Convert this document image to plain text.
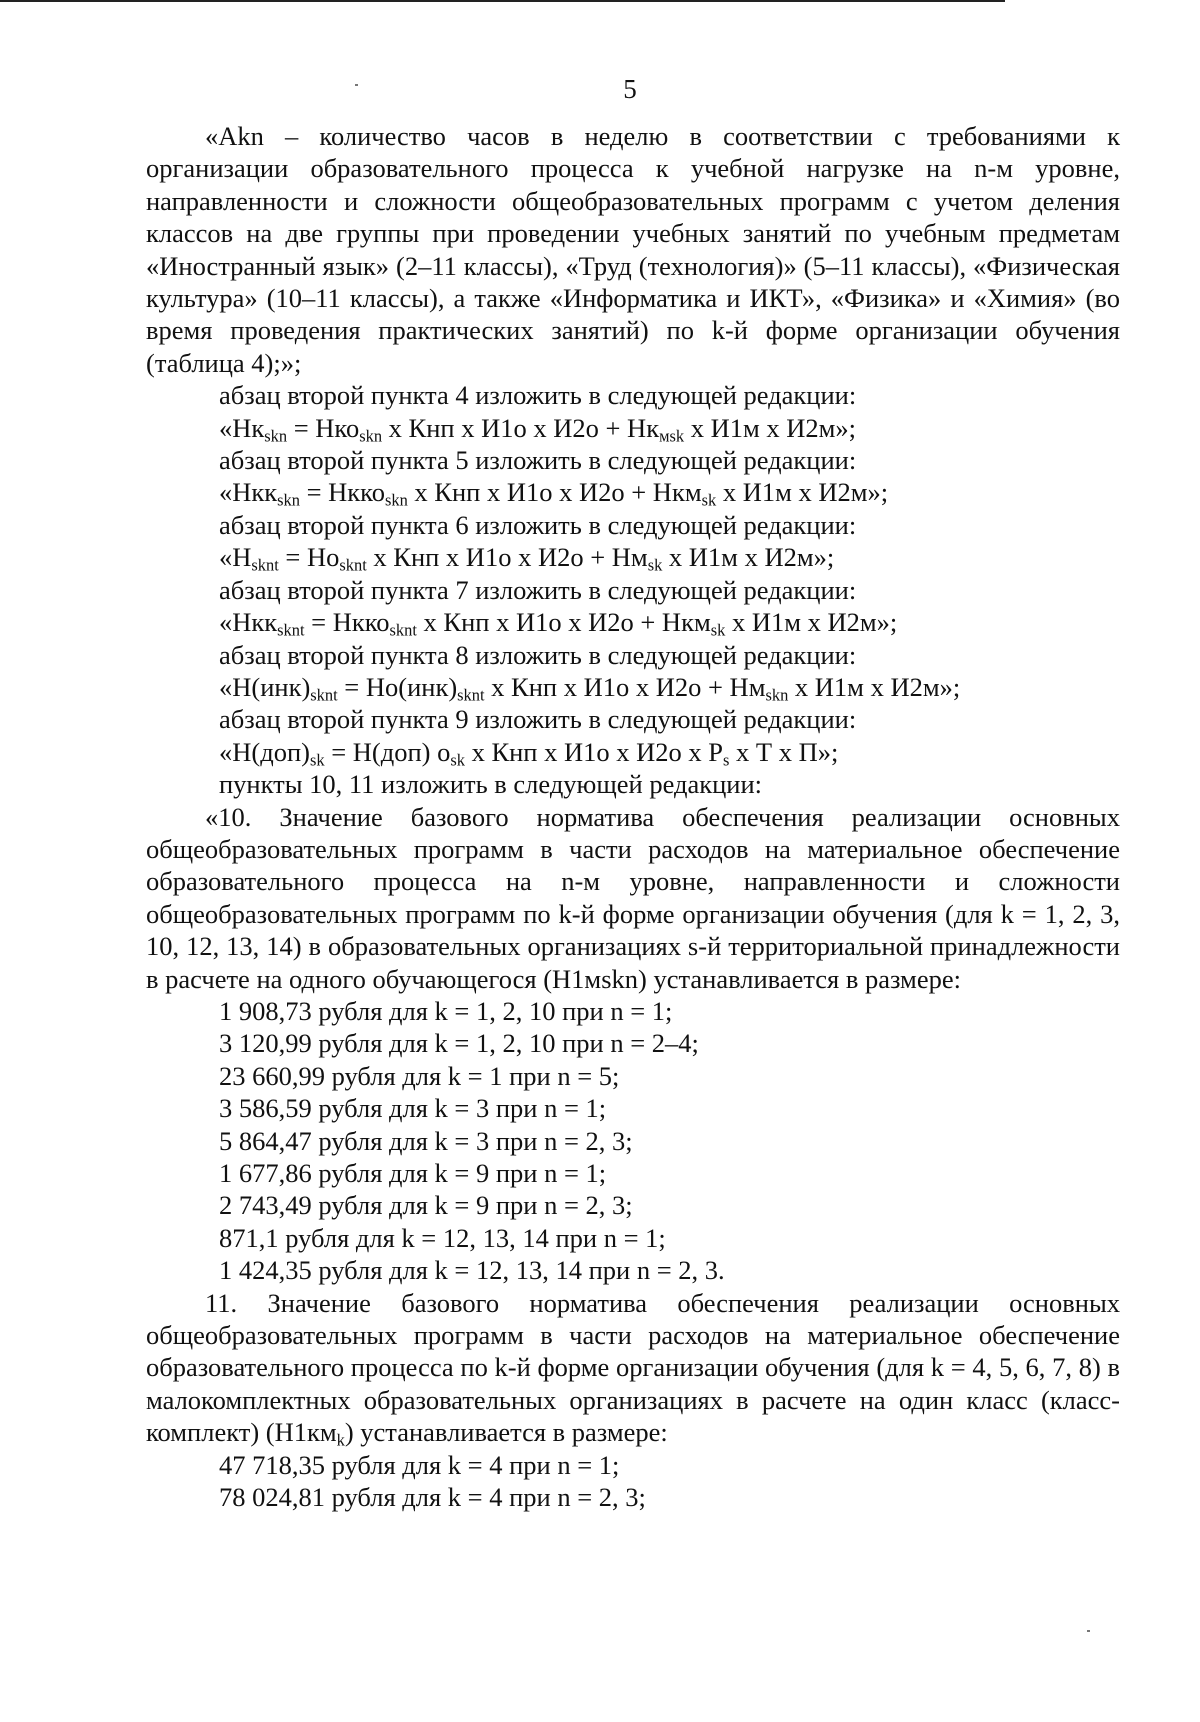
5

«Akn – количество часов в неделю в соответствии с требованиями к организации образовательного процесса к учебной нагрузке на n-м уровне, направленности и сложности общеобразовательных программ с учетом деления классов на две группы при проведении учебных занятий по учебным предметам «Иностранный язык» (2–11 классы), «Труд (технология)» (5–11 классы), «Физическая культура» (10–11 классы), а также «Информатика и ИКТ», «Физика» и «Химия» (во время проведения практических занятий) по k-й форме организации обучения (таблица 4);»;

абзац второй пункта 4 изложить в следующей редакции:

«$Нк_{skn} = Нко_{skn}$ х Кнп х И1о х $И2о + Нк_{мsk}$ х И1м х И2м»;

абзац второй пункта 5 изложить в следующей редакции:

«Нкк$_{skn}$ = Нкко$_{skn}$ х Кнп х И1о х И2о + Нкм$_{sk}$ х И1м х И2м»;

абзац второй пункта 6 изложить в следующей редакции:

«$Н_{sknt} = Но_{sknt}$ х Кнп х И1о х $И2о + Нм_{sk}$ х И1м х И2м»;

абзац второй пункта 7 изложить в следующей редакции:

«Нкк$_{sknt}$ = Нкко$_{sknt}$ х Кнп х И1о х И2о + Нкм$_{sk}$ х И1м х И2м»;

абзац второй пункта 8 изложить в следующей редакции:

«$Н(инк)_{sknt} = Но(инк)_{sknt}$ х Кнп х И1о х $И2о + Нм_{skn}$ х И1м х И2м»;

абзац второй пункта 9 изложить в следующей редакции:

«$Н(доп)_{sk} = Н(доп)$ $о_{sk}$ х Кнп х И1о х И2о х $Р_s$ х Т х П»;

пункты 10, 11 изложить в следующей редакции:

«10. Значение базового норматива обеспечения реализации основных общеобразовательных программ в части расходов на материальное обеспечение образовательного процесса на n-м уровне, направленности и сложности общеобразовательных программ по k-й форме организации обучения (для k = 1, 2, 3, 10, 12, 13, 14) в образовательных организациях s-й территориальной принадлежности в расчете на одного обучающегося (Н1мskn) устанавливается в размере:

1 908,73 рубля для k = 1, 2, 10 при n = 1;

3 120,99 рубля для k = 1, 2, 10 при n = 2–4;

23 660,99 рубля для k = 1 при n = 5;

3 586,59 рубля для k = 3 при n = 1;

5 864,47 рубля для k = 3 при n = 2, 3;

1 677,86 рубля для k = 9 при n = 1;

2 743,49 рубля для k = 9 при n = 2, 3;

871,1 рубля для k = 12, 13, 14 при n = 1;

1 424,35 рубля для k = 12, 13, 14 при n = 2, 3.

11. Значение базового норматива обеспечения реализации основных общеобразовательных программ в части расходов на материальное обеспечение образовательного процесса по k-й форме организации обучения (для k = 4, 5, 6, 7, 8) в малокомплектных образовательных организациях в расчете на один класс (класс-комплект) $(Н1км_k)$ устанавливается в размере:

47 718,35 рубля для k = 4 при n = 1;

78 024,81 рубля для k = 4 при n = 2, 3;
